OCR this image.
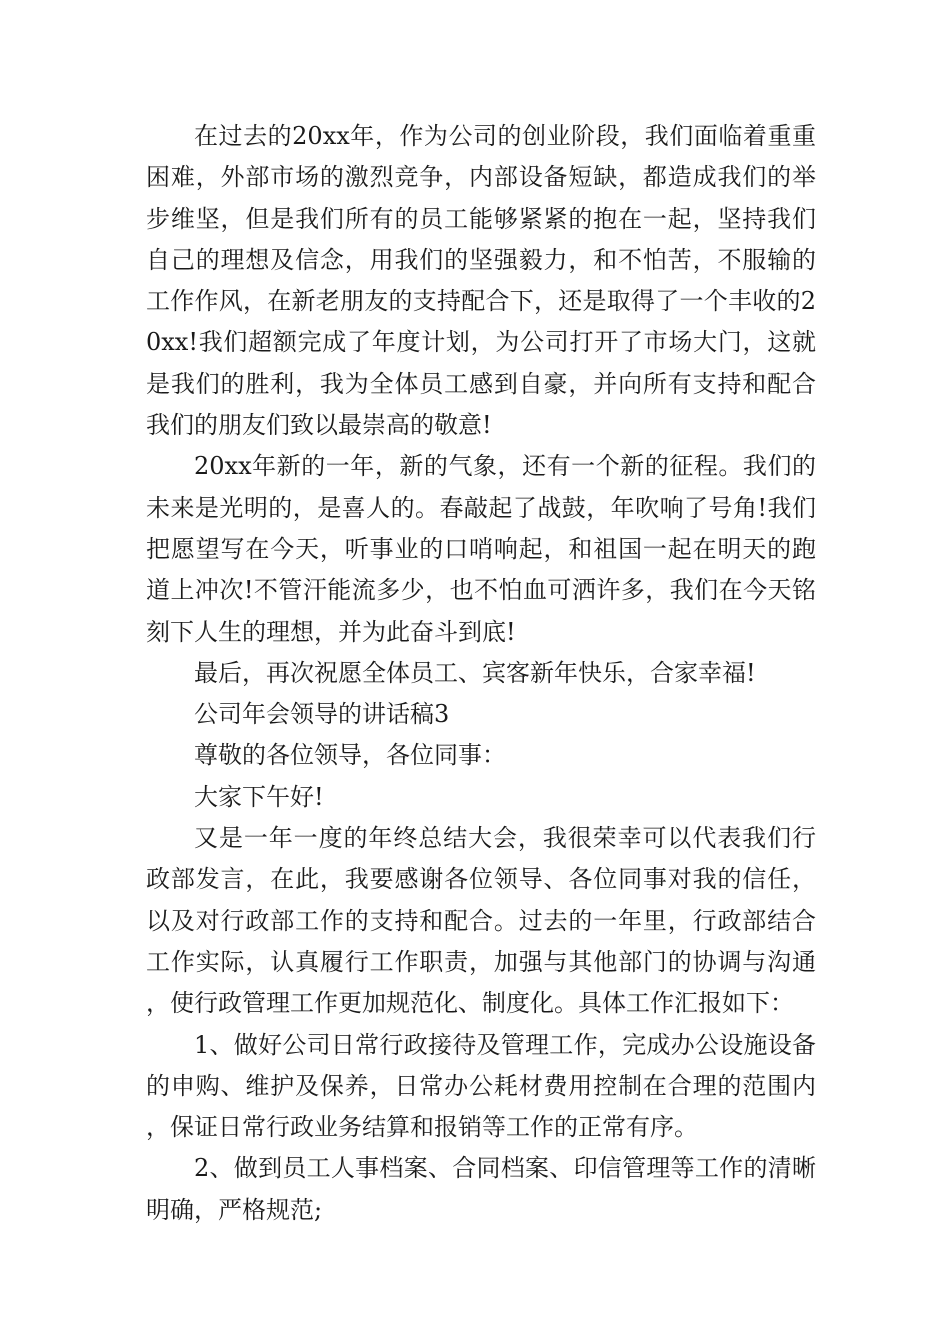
在过去的20xx年，作为公司的创业阶段，我们面临着重重困难，外部市场的激烈竞争，内部设备短缺，都造成我们的举步维坚，但是我们所有的员工能够紧紧的抱在一起，坚持我们自己的理想及信念，用我们的坚强毅力，和不怕苦，不服输的工作作风，在新老朋友的支持配合下，还是取得了一个丰收的20xx!我们超额完成了年度计划，为公司打开了市场大门，这就是我们的胜利，我为全体员工感到自豪，并向所有支持和配合我们的朋友们致以最崇高的敬意!

20xx年新的一年，新的气象，还有一个新的征程。我们的未来是光明的，是喜人的。春敲起了战鼓，年吹响了号角!我们把愿望写在今天，听事业的口哨响起，和祖国一起在明天的跑道上冲次!不管汗能流多少，也不怕血可洒许多，我们在今天铭刻下人生的理想，并为此奋斗到底!

最后，再次祝愿全体员工、宾客新年快乐，合家幸福!

公司年会领导的讲话稿3

尊敬的各位领导，各位同事：

大家下午好!

又是一年一度的年终总结大会，我很荣幸可以代表我们行政部发言，在此，我要感谢各位领导、各位同事对我的信任，以及对行政部工作的支持和配合。过去的一年里，行政部结合工作实际，认真履行工作职责，加强与其他部门的协调与沟通，使行政管理工作更加规范化、制度化。具体工作汇报如下：

1、做好公司日常行政接待及管理工作，完成办公设施设备的申购、维护及保养，日常办公耗材费用控制在合理的范围内，保证日常行政业务结算和报销等工作的正常有序。

2、做到员工人事档案、合同档案、印信管理等工作的清晰明确，严格规范;
